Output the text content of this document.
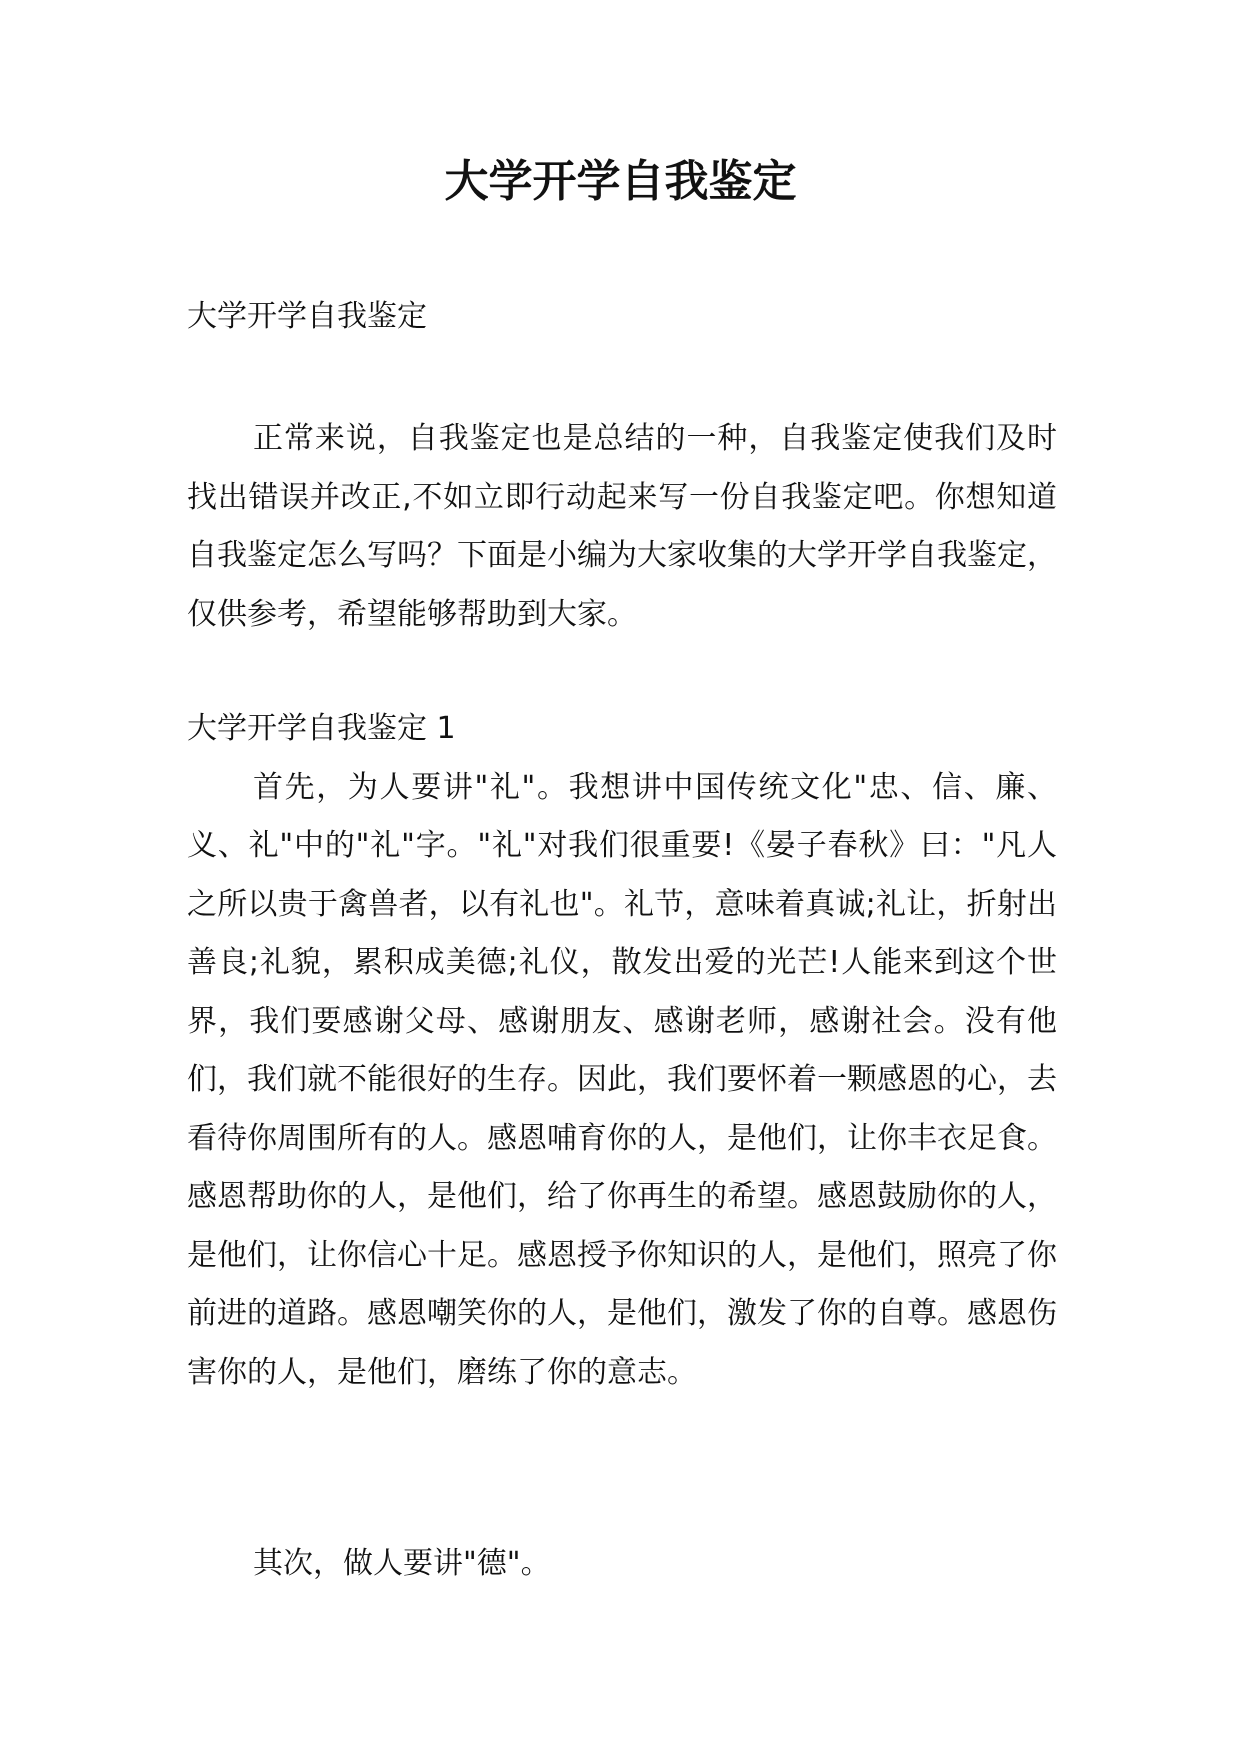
大学开学自我鉴定

大学开学自我鉴定

正常来说，自我鉴定也是总结的一种，自我鉴定使我们及时找出错误并改正,不如立即行动起来写一份自我鉴定吧。你想知道自我鉴定怎么写吗？下面是小编为大家收集的大学开学自我鉴定，仅供参考，希望能够帮助到大家。

大学开学自我鉴定 1

首先，为人要讲"礼"。我想讲中国传统文化"忠、信、廉、义、礼"中的"礼"字。"礼"对我们很重要!《晏子春秋》曰："凡人之所以贵于禽兽者，以有礼也"。礼节，意味着真诚;礼让，折射出善良;礼貌，累积成美德;礼仪，散发出爱的光芒!人能来到这个世界，我们要感谢父母、感谢朋友、感谢老师，感谢社会。没有他们，我们就不能很好的生存。因此，我们要怀着一颗感恩的心，去看待你周围所有的人。感恩哺育你的人，是他们，让你丰衣足食。感恩帮助你的人，是他们，给了你再生的希望。感恩鼓励你的人，是他们，让你信心十足。感恩授予你知识的人，是他们，照亮了你前进的道路。感恩嘲笑你的人，是他们，激发了你的自尊。感恩伤害你的人，是他们，磨练了你的意志。

其次，做人要讲"德"。
